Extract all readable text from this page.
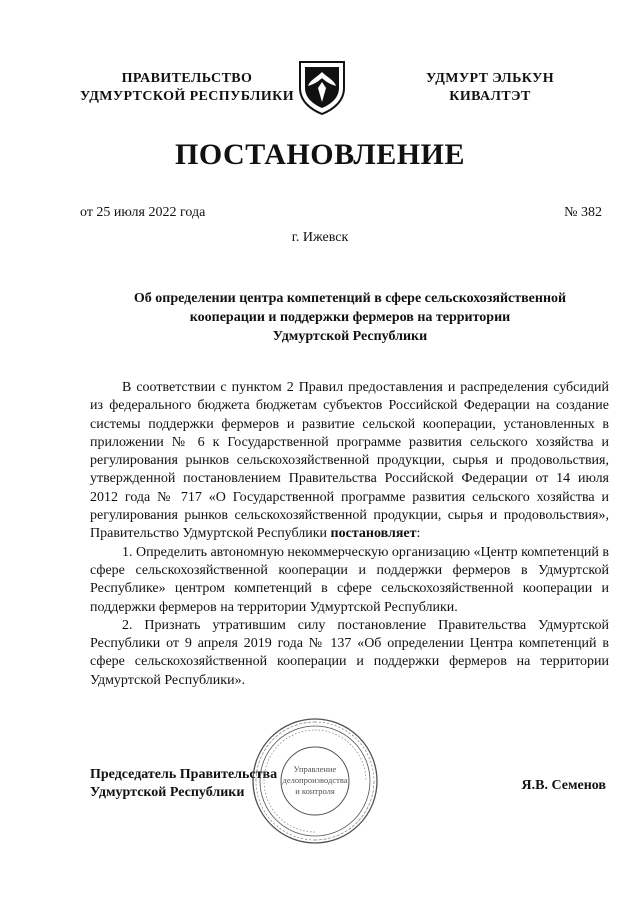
ПРАВИТЕЛЬСТВО
УДМУРТСКОЙ РЕСПУБЛИКИ
УДМУРТ ЭЛЬКУН
КИВАЛТЭТ
ПОСТАНОВЛЕНИЕ
от 25 июля 2022 года	№ 382
г. Ижевск
Об определении центра компетенций в сфере сельскохозяйственной
кооперации и поддержки фермеров на территории
Удмуртской Республики

В соответствии с пунктом 2 Правил предоставления и распределения субсидий из федерального бюджета бюджетам субъектов Российской Федерации на создание системы поддержки фермеров и развитие сельской кооперации, установленных в приложении № 6 к Государственной программе развития сельского хозяйства и регулирования рынков сельскохозяйственной продукции, сырья и продовольствия, утвержденной постановлением Правительства Российской Федерации от 14 июля 2012 года № 717 «О Государственной программе развития сельского хозяйства и регулирования рынков сельскохозяйственной продукции, сырья и продовольствия», Правительство Удмуртской Республики постановляет:

1. Определить автономную некоммерческую организацию «Центр компетенций в сфере сельскохозяйственной кооперации и поддержки фермеров в Удмуртской Республике» центром компетенций в сфере сельскохозяйственной кооперации и поддержки фермеров на территории Удмуртской Республики.

2. Признать утратившим силу постановление Правительства Удмуртской Республики от 9 апреля 2019 года № 137 «Об определении Центра компетенций в сфере сельскохозяйственной кооперации и поддержки фермеров на территории Удмуртской Республики».

Председатель Правительства
Удмуртской Республики	Я.В. Семенов
Управление
делопроизводства
и контроля
